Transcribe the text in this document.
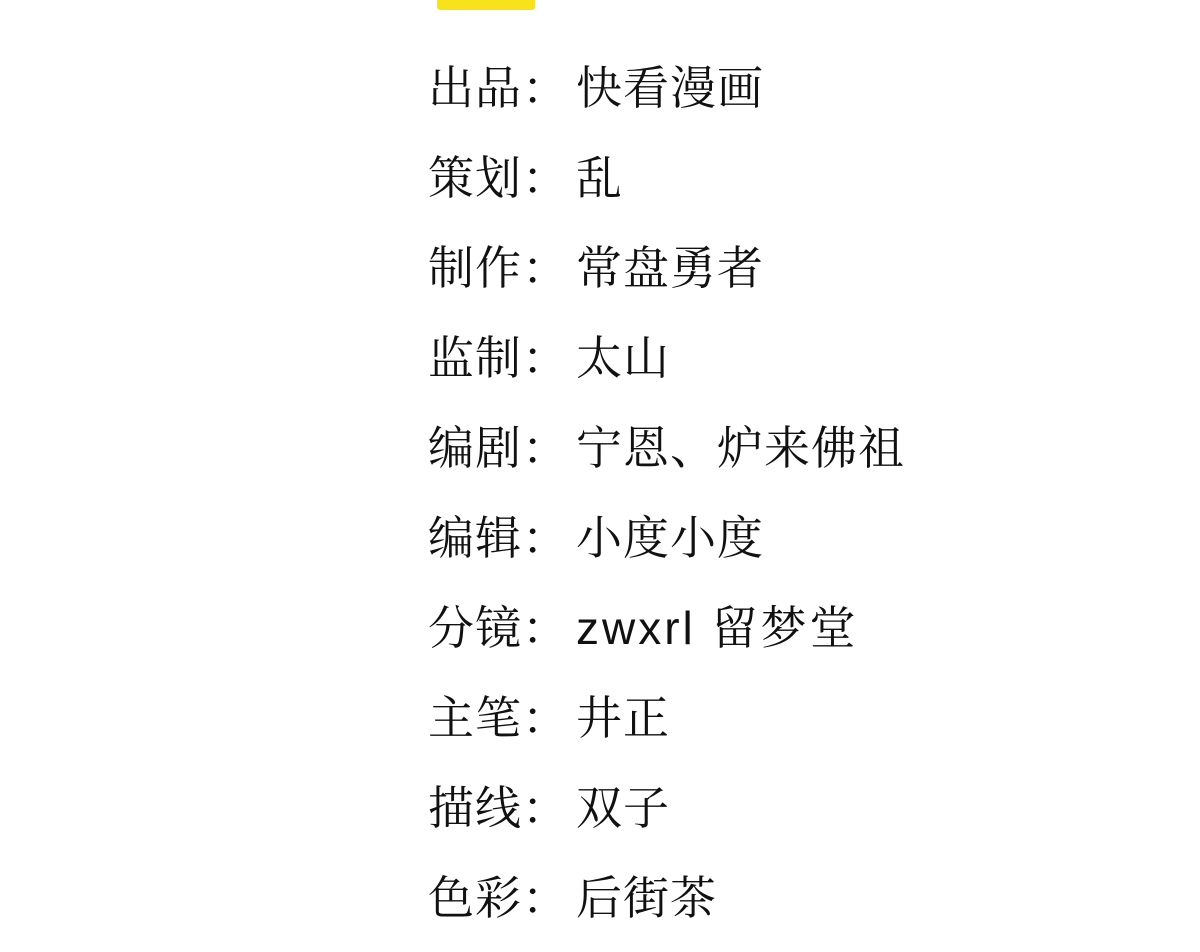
出品 ： 快看漫画
策划 ： 乱
制作 ： 常盘勇者
监制 ： 太山
编剧 ： 宁恩、炉来佛祖
编辑 ： 小度小度
分镜 ： zwxrl 留梦堂
主笔 ： 井正
描线 ： 双子
色彩 ： 后街茶
